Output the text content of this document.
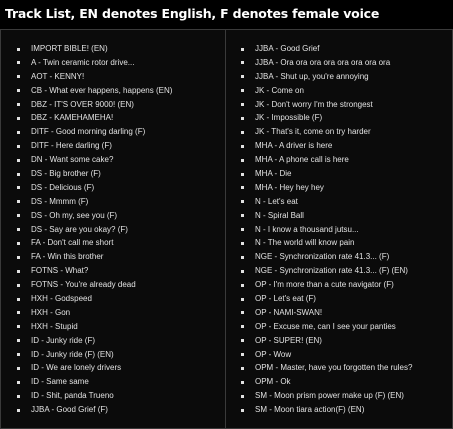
Track List, EN denotes English, F denotes female voice
IMPORT BIBLE! (EN)
A - Twin ceramic rotor drive...
AOT - KENNY!
CB - What ever happens, happens (EN)
DBZ - IT'S OVER 9000! (EN)
DBZ - KAMEHAMEHA!
DITF - Good morning darling (F)
DITF - Here darling (F)
DN - Want some cake?
DS - Big brother (F)
DS - Delicious (F)
DS - Mmmm (F)
DS - Oh my, see you (F)
DS - Say are you okay? (F)
FA - Don't call me short
FA - Win this brother
FOTNS - What?
FOTNS - You're already dead
HXH - Godspeed
HXH - Gon
HXH - Stupid
ID - Junky ride (F)
ID - Junky ride (F) (EN)
ID - We are lonely drivers
ID - Same same
ID - Shit, panda Trueno
JJBA - Good Grief (F)
JJBA - Good Grief
JJBA - Ora ora ora ora ora ora ora ora
JJBA - Shut up, you're annoying
JK - Come on
JK - Don't worry I'm the strongest
JK - Impossible (F)
JK - That's it, come on try harder
MHA - A driver is here
MHA - A phone call is here
MHA - Die
MHA - Hey hey hey
N - Let's eat
N - Spiral Ball
N - I know a thousand jutsu...
N - The world will know pain
NGE - Synchronization rate 41.3... (F)
NGE - Synchronization rate 41.3... (F) (EN)
OP - I'm more than a cute navigator (F)
OP - Let's eat (F)
OP - NAMI-SWAN!
OP - Excuse me, can I see your panties
OP - SUPER! (EN)
OP - Wow
OPM - Master, have you forgotten the rules?
OPM - Ok
SM - Moon prism power make up (F) (EN)
SM - Moon tiara action(F) (EN)
